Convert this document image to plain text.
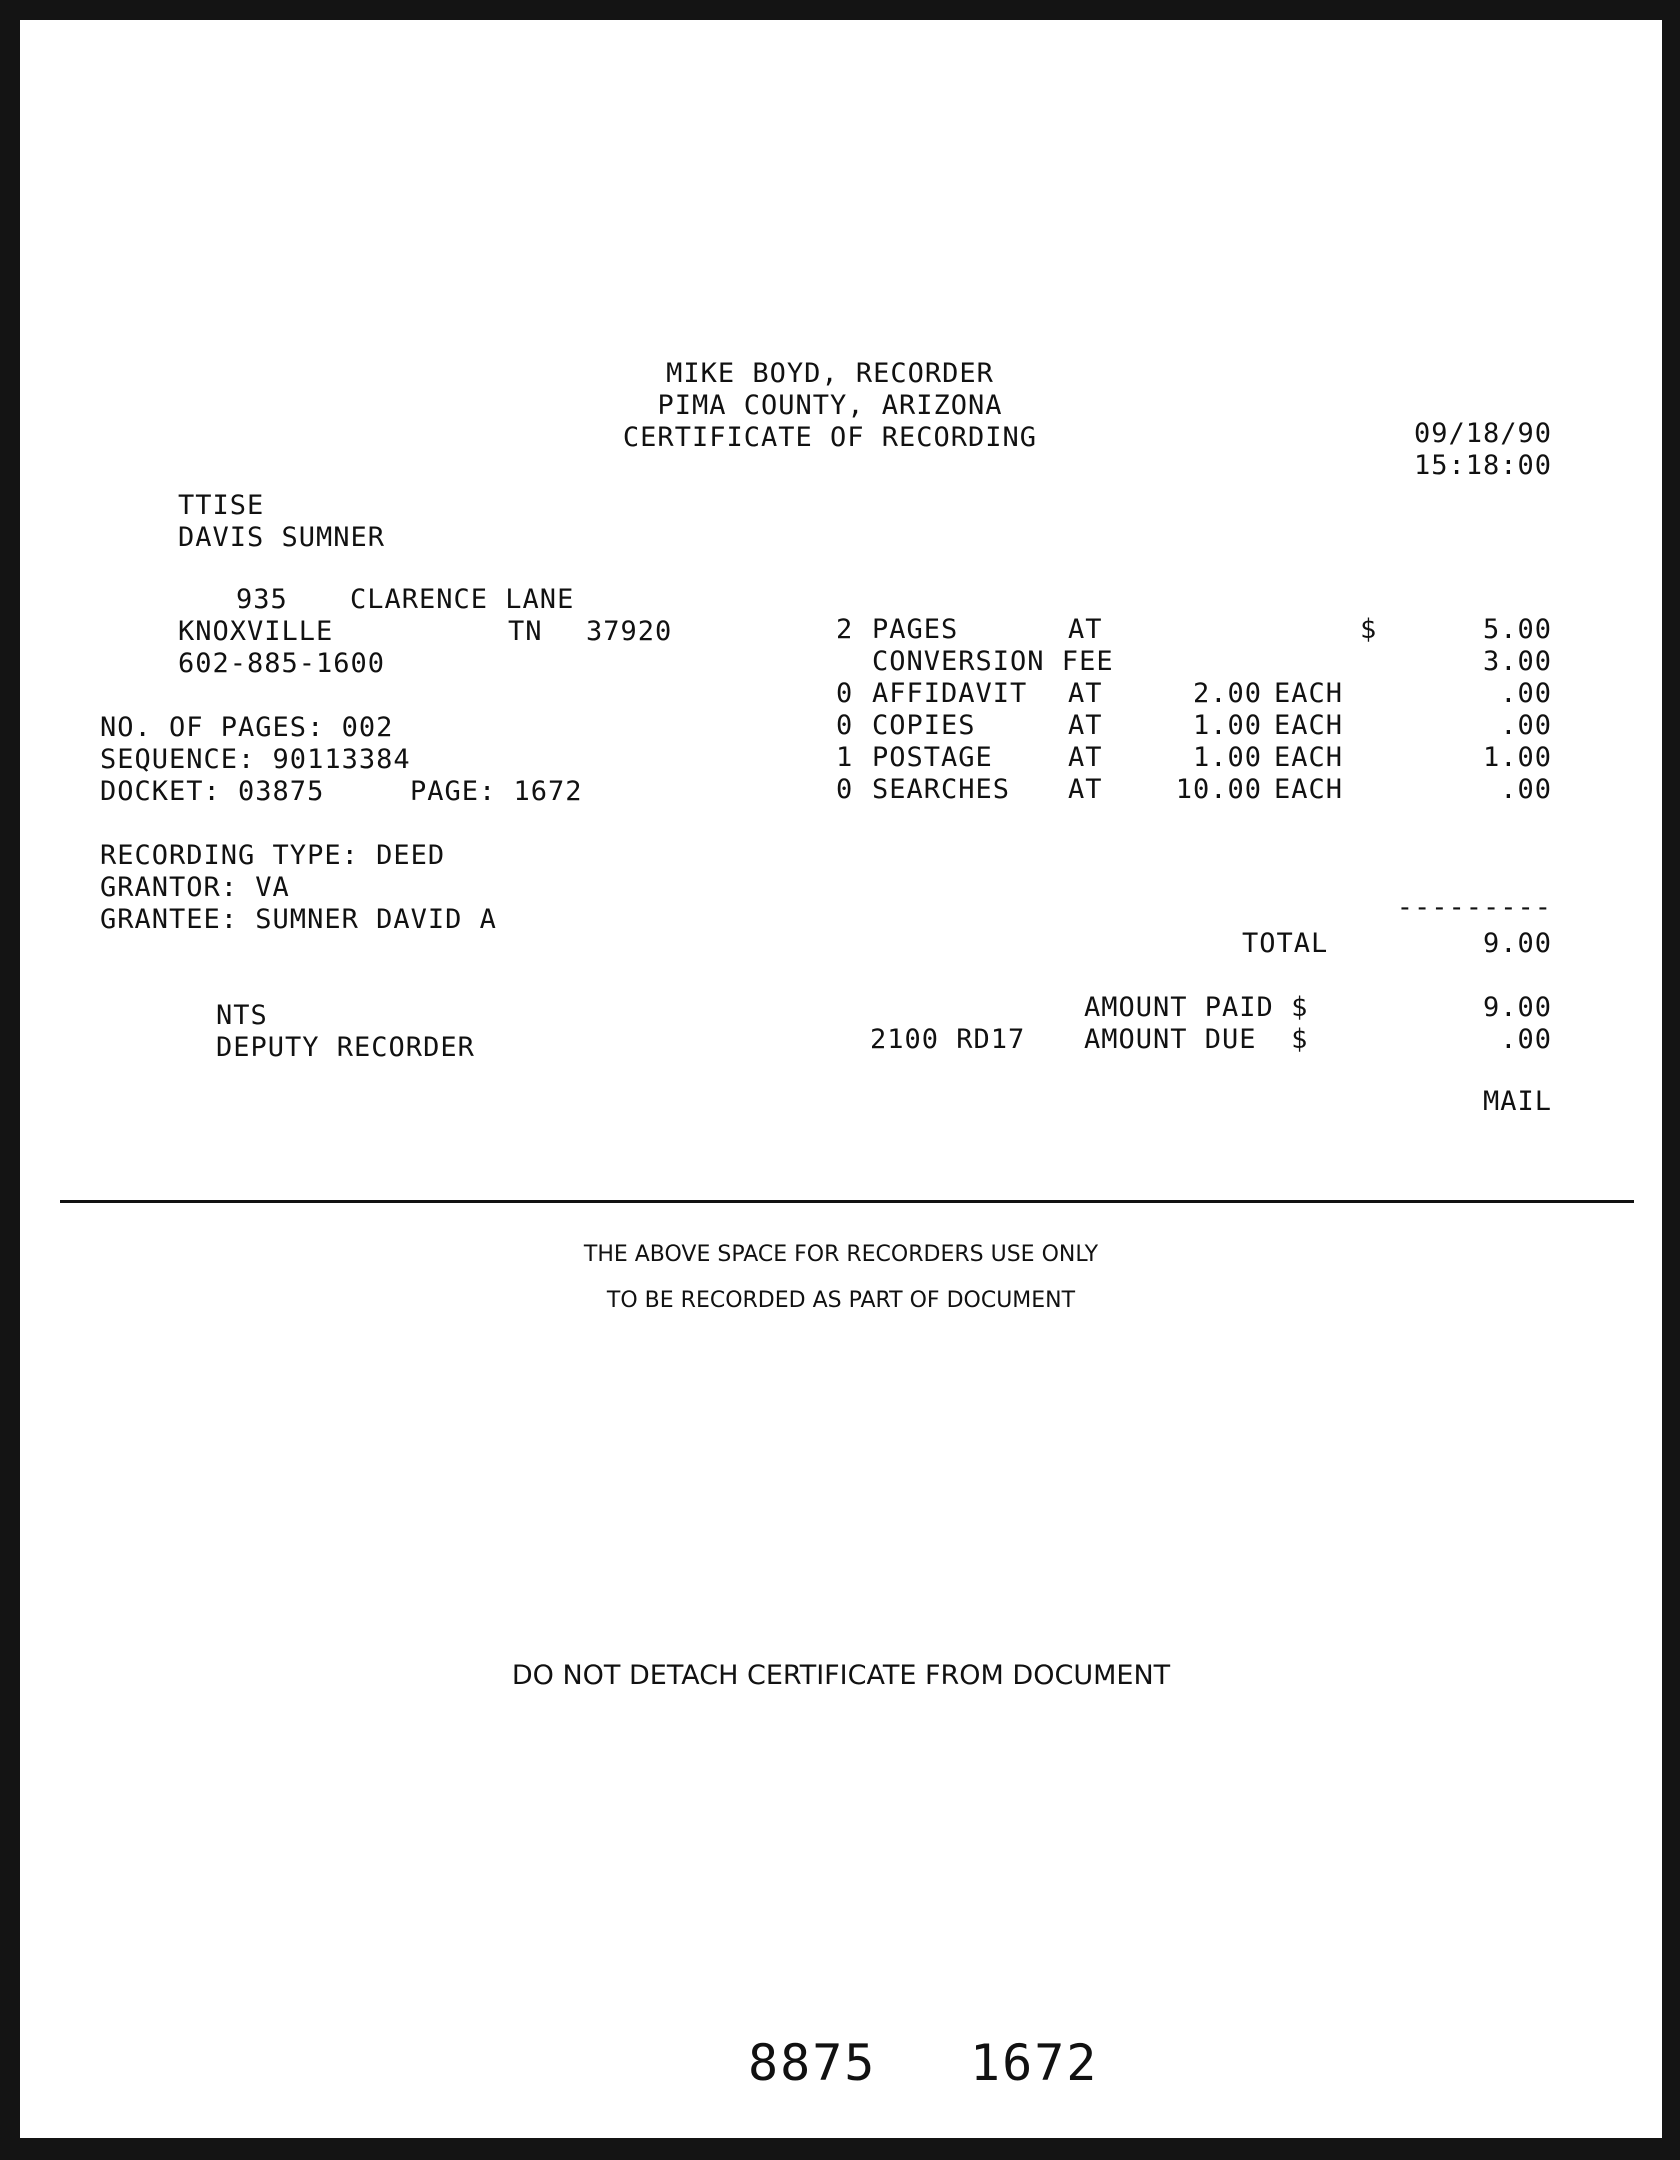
MIKE BOYD, RECORDER
PIMA COUNTY, ARIZONA
CERTIFICATE OF RECORDING	09/18/90
15:18:00
TTISE
DAVIS SUMNER
935 CLARENCE LANE
KNOXVILLE	TN 37920
602-885-1600
NO. OF PAGES: 002
SEQUENCE: 90113384
DOCKET: 03875	PAGE: 1672
RECORDING TYPE: DEED
GRANTOR: VA
GRANTEE: SUMNER DAVID A
2 PAGES	AT	$	5.00
CONVERSION FEE	3.00
0 AFFIDAVIT AT	2.00 EACH	.00
0 COPIES	AT	1.00 EACH	.00
1 POSTAGE	AT	1.00 EACH	1.00
0 SEARCHES AT	10.00 EACH	.00
---------
TOTAL	9.00
AMOUNT PAID $	9.00
2100 RD17 AMOUNT DUE  $	.00
MAIL
NTS
DEPUTY RECORDER
THE ABOVE SPACE FOR RECORDERS USE ONLY
TO BE RECORDED AS PART OF DOCUMENT
DO NOT DETACH CERTIFICATE FROM DOCUMENT
8875 1672
